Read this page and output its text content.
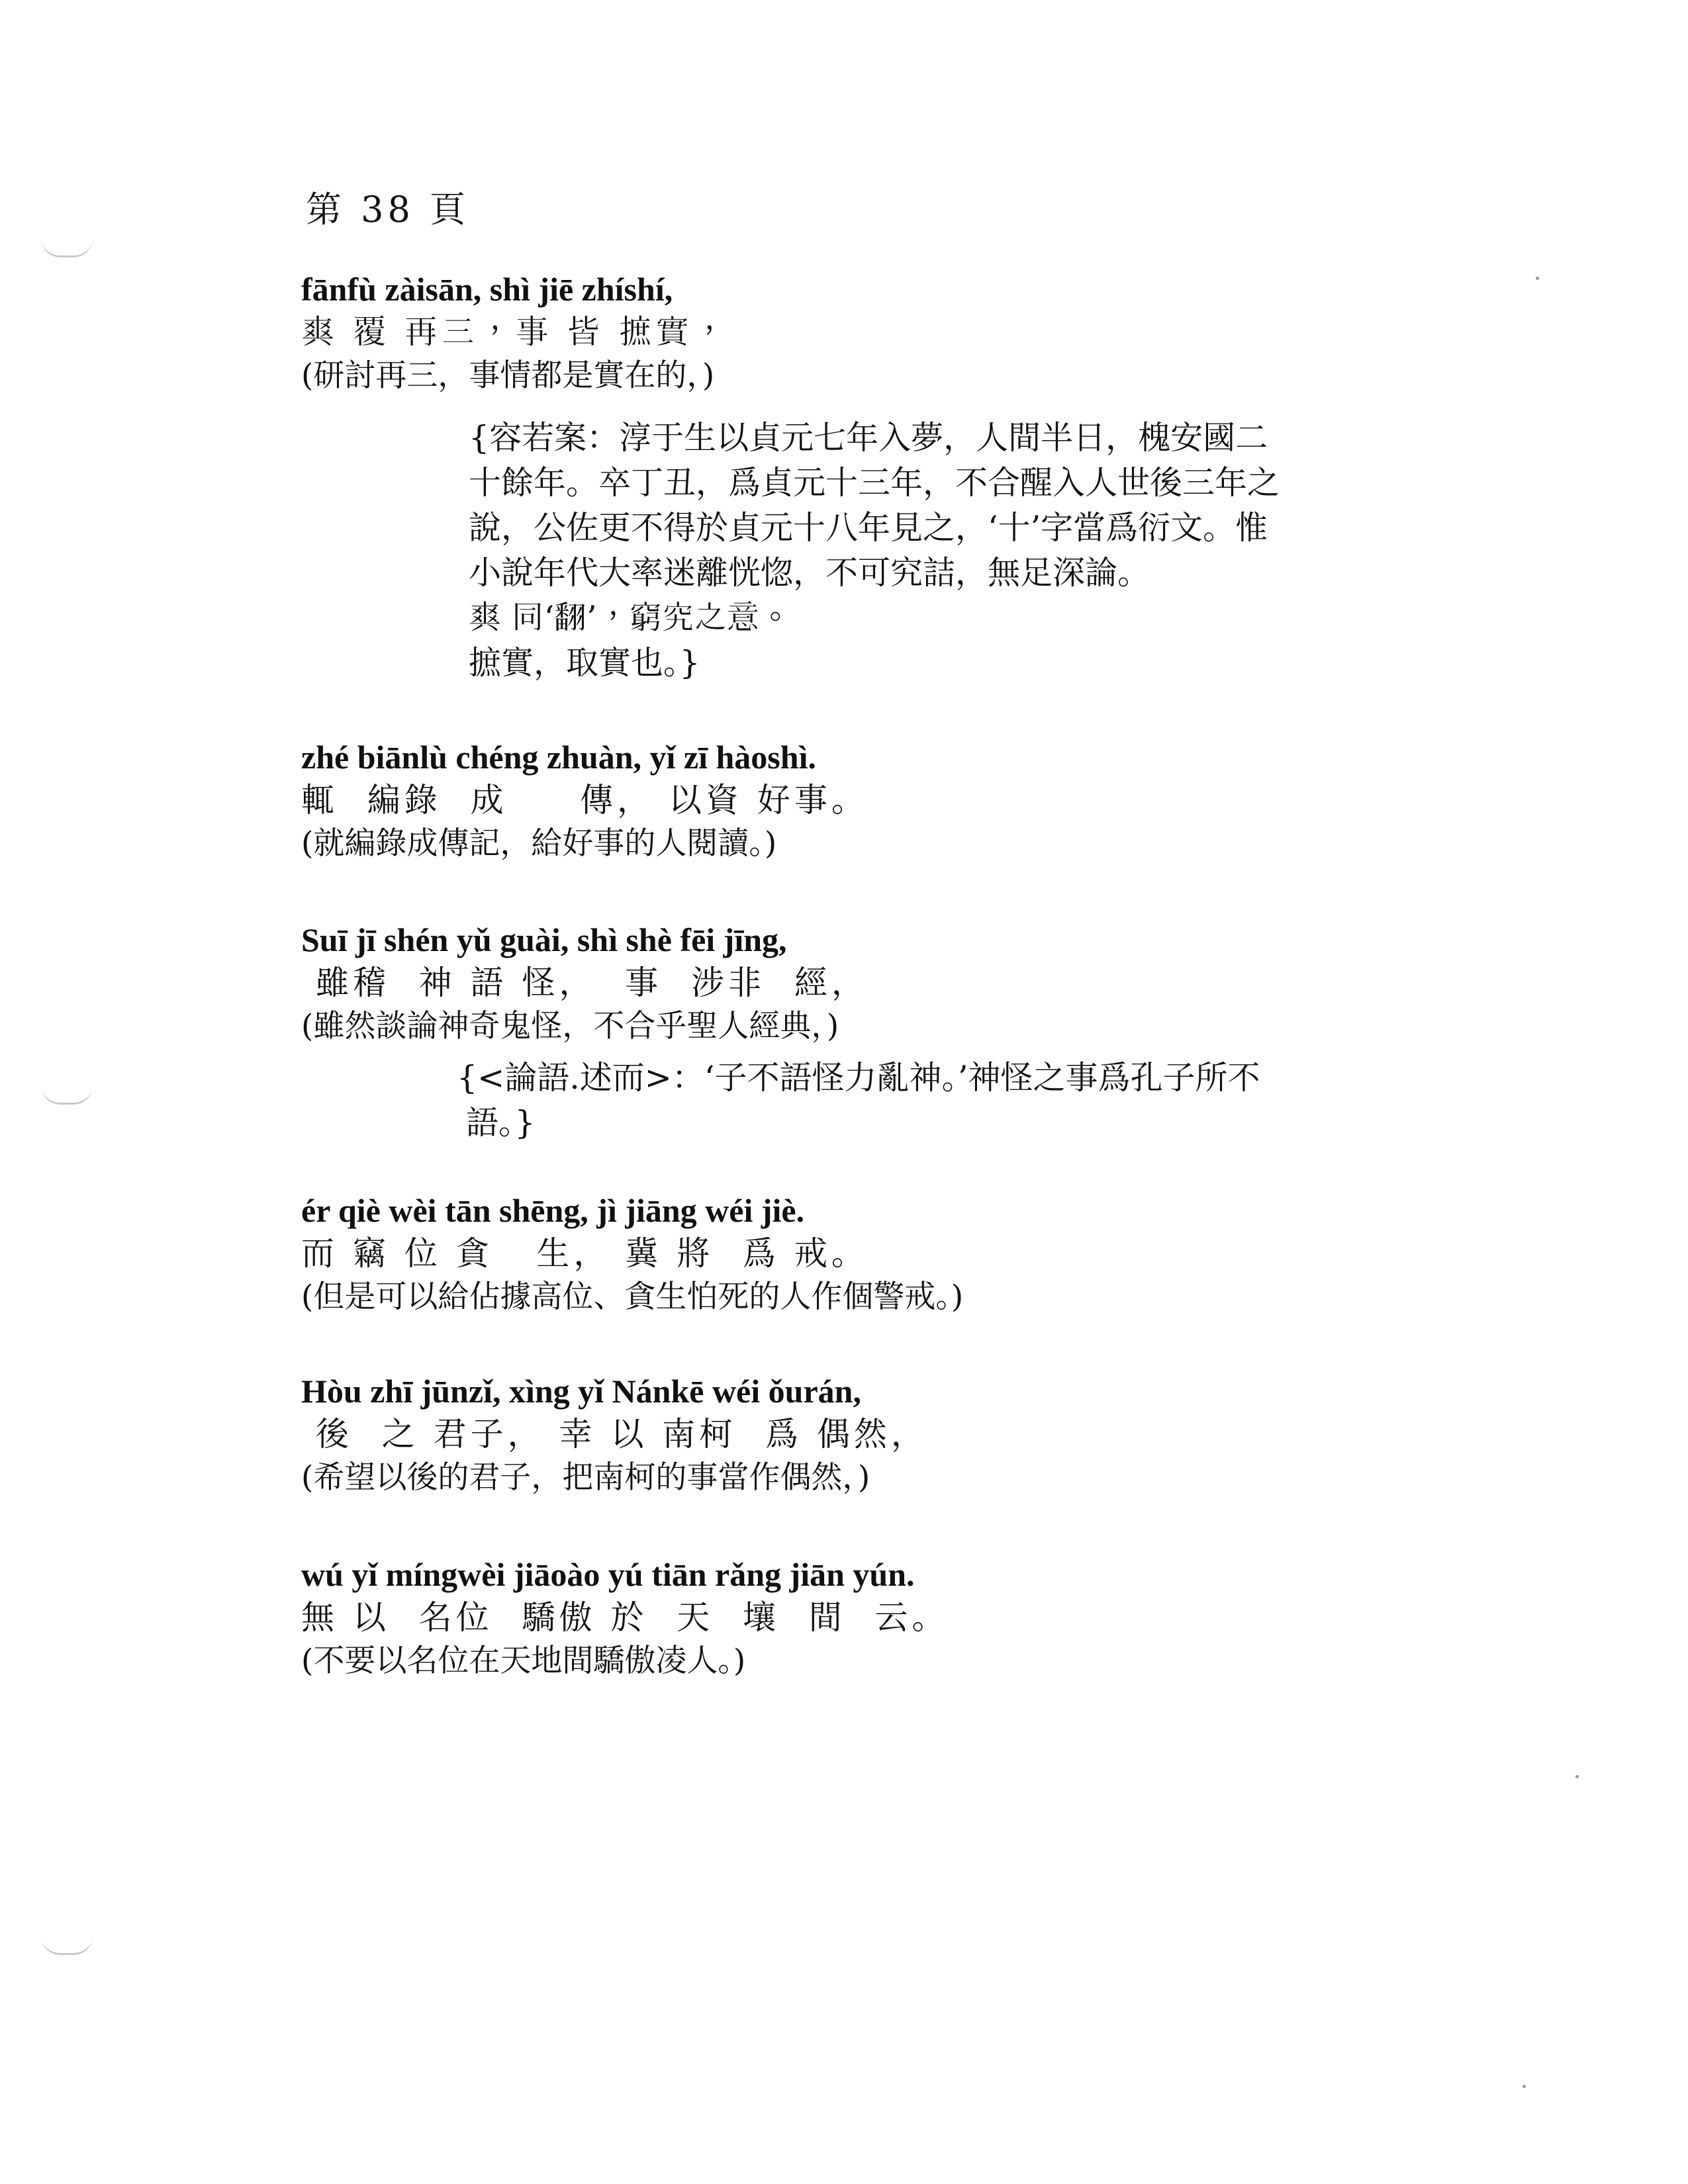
第 38 頁
fānfù zàisān, shì jiē zhíshí,
𤕤 覆 再三，事 皆 摭實，
(研討再三，事情都是實在的，)
{容若案：淳于生以貞元七年入夢，人間半日，槐安國二
十餘年。卒丁丑，爲貞元十三年，不合醒入人世後三年之
說，公佐更不得於貞元十八年見之，‘十’字當爲衍文。惟
小說年代大率迷離恍惚，不可究詰，無足深論。
𤕤 同‘翻’，窮究之意。
摭實，取實也。}
zhé biānlù chéng zhuàn, yǐ zī hàoshì.
輒  編錄  成     傳， 以資 好事。
(就編錄成傳記，給好事的人閱讀。)
Suī jī shén yǔ guài, shì shè fēi jīng,
雖稽  神 語 怪，  事  涉非  經，
(雖然談論神奇鬼怪，不合乎聖人經典，)
{<論語.述而>：‘子不語怪力亂神。’神怪之事爲孔子所不
語。}
ér qiè wèi tān shēng, jì jiāng wéi jiè.
而 竊 位 貪   生， 冀 將  爲 戒。
(但是可以給佔據高位、貪生怕死的人作個警戒。)
Hòu zhī jūnzǐ, xìng yǐ Nánkē wéi ǒurán,
後  之 君子， 幸 以 南柯  爲 偶然，
(希望以後的君子，把南柯的事當作偶然，)
wú yǐ míngwèi jiāoào yú tiān rǎng jiān yún.
無 以  名位  驕傲 於  天  壤  間  云。
(不要以名位在天地間驕傲凌人。)
